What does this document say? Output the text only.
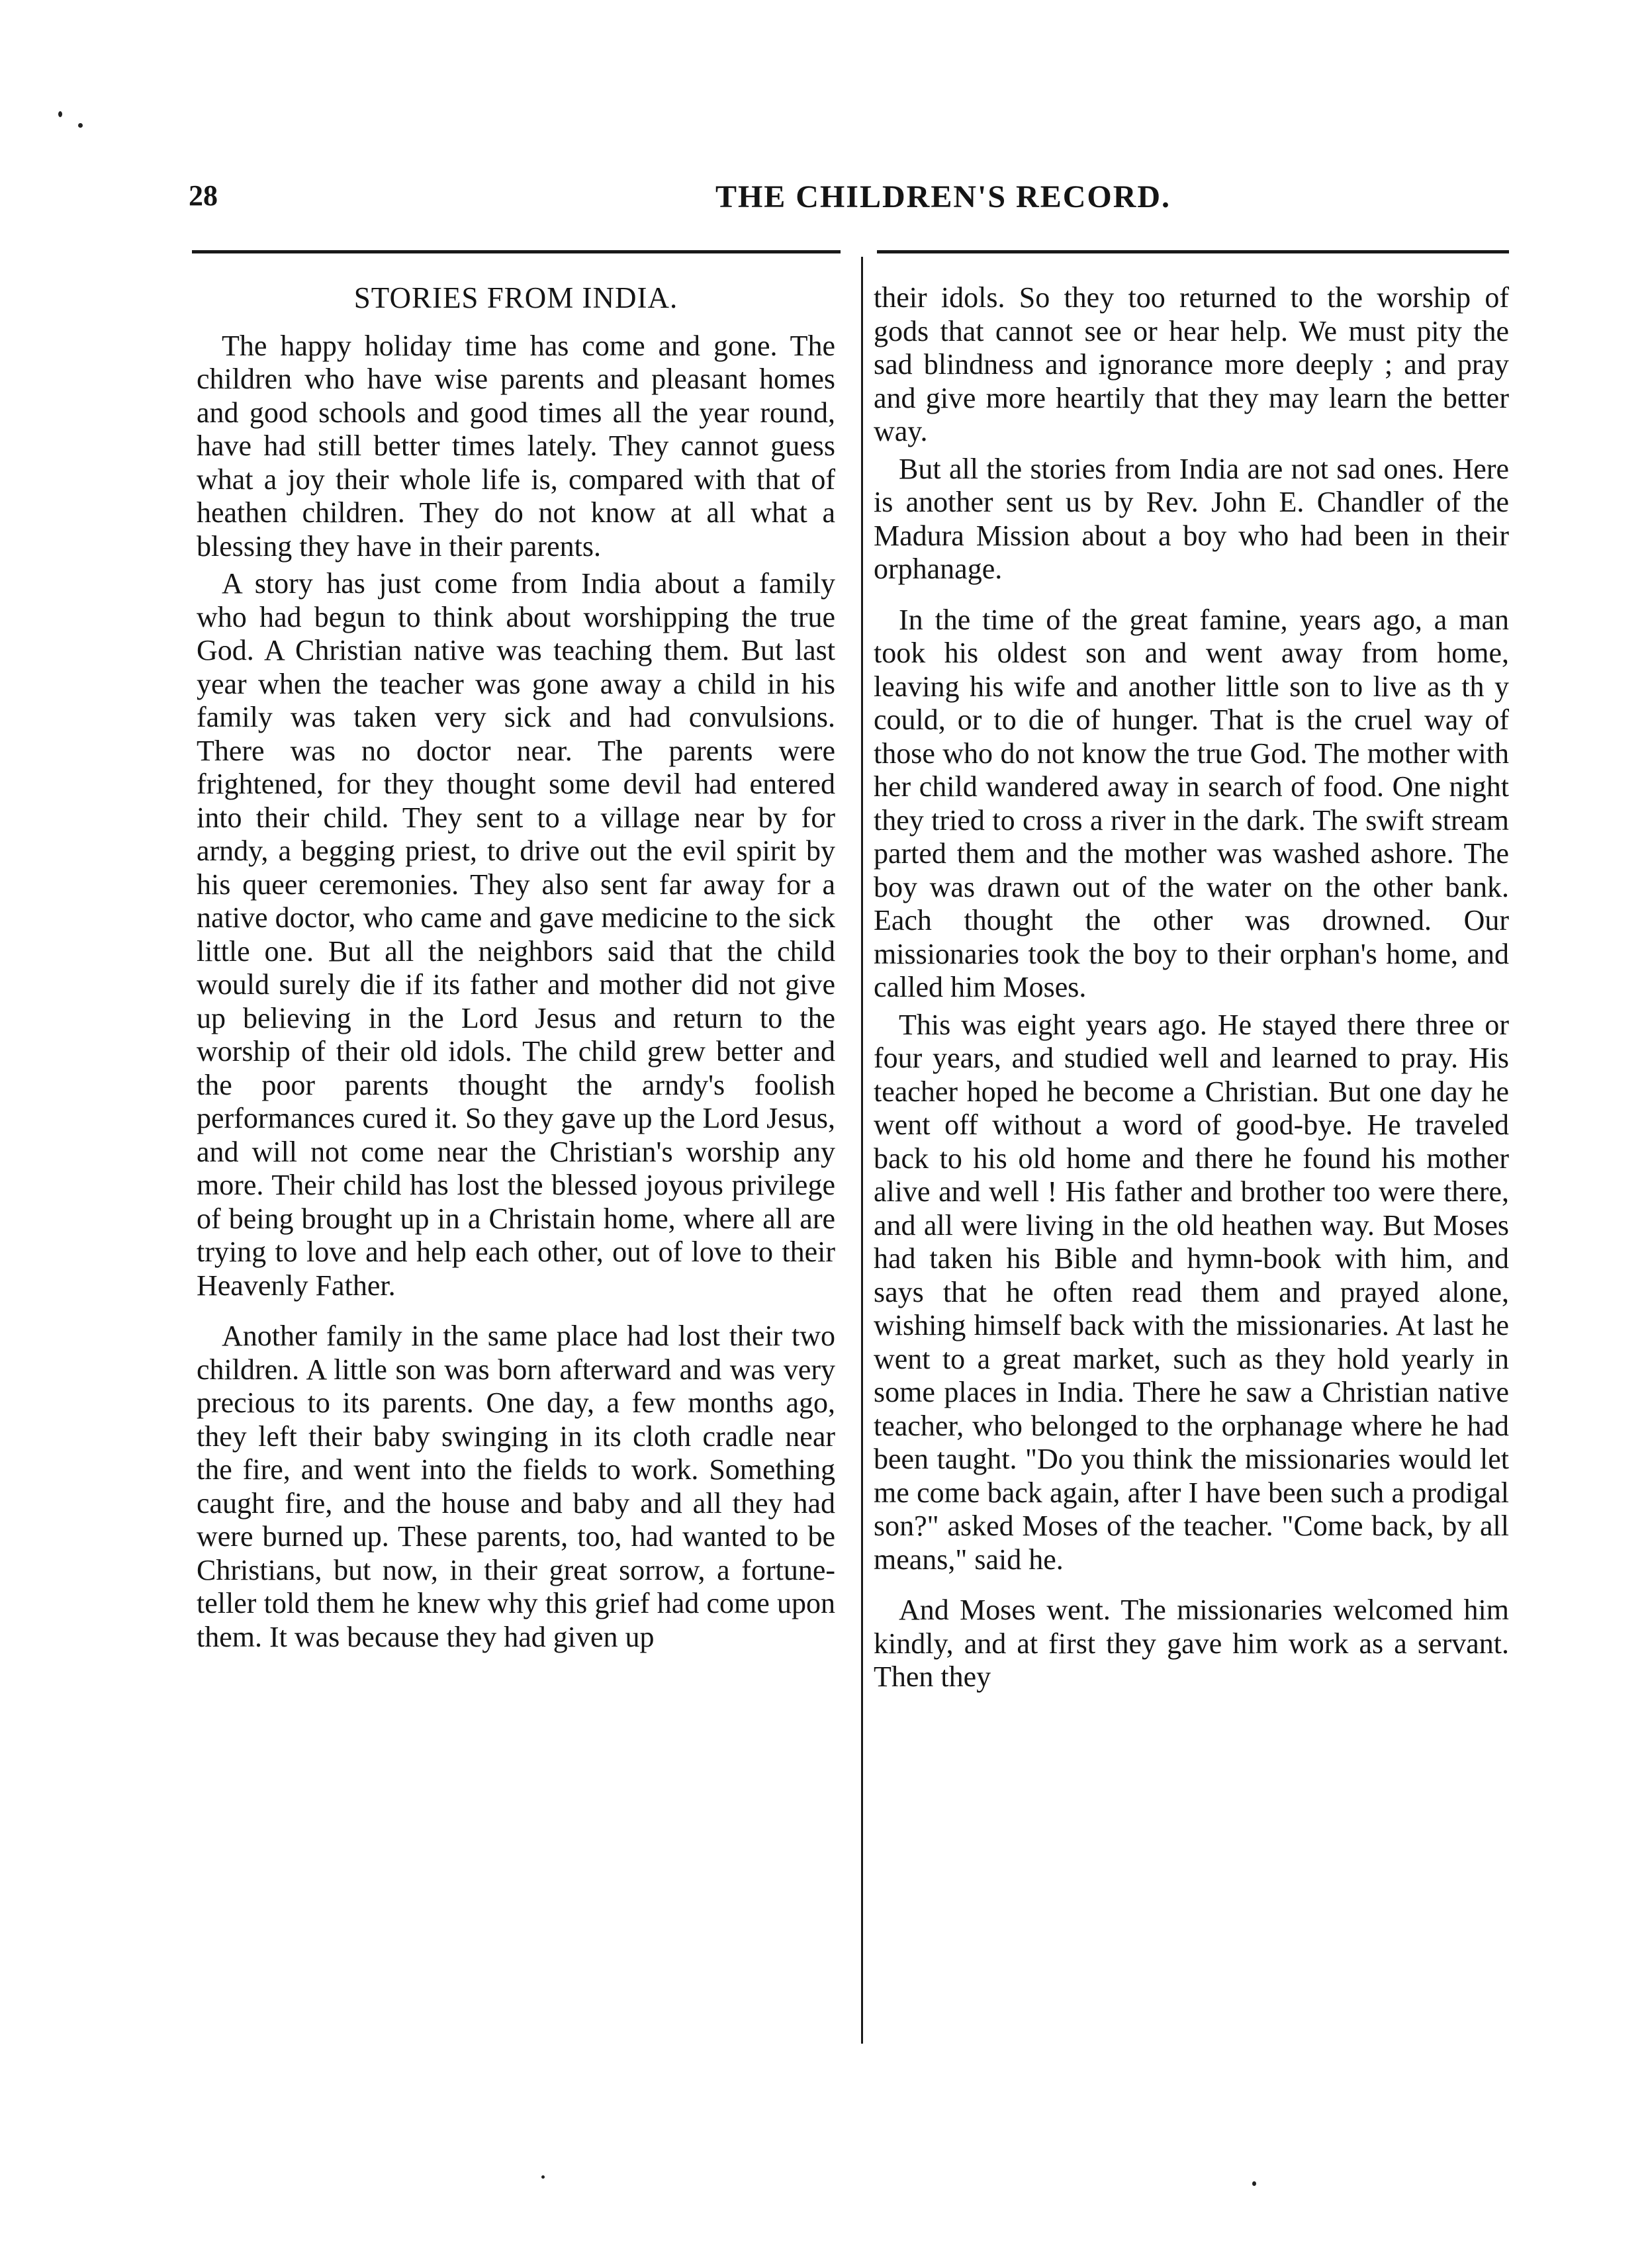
28	THE CHILDREN'S RECORD.
STORIES FROM INDIA.

The happy holiday time has come and gone. The children who have wise parents and pleasant homes and good schools and good times all the year round, have had still better times lately. They cannot guess what a joy their whole life is, compared with that of heathen children. They do not know at all what a blessing they have in their parents.

A story has just come from India about a family who had begun to think about worshipping the true God. A Christian native was teaching them. But last year when the teacher was gone away a child in his family was taken very sick and had convulsions. There was no doctor near. The parents were frightened, for they thought some devil had entered into their child. They sent to a village near by for arndy, a begging priest, to drive out the evil spirit by his queer ceremonies. They also sent far away for a native doctor, who came and gave medicine to the sick little one. But all the neighbors said that the child would surely die if its father and mother did not give up believing in the Lord Jesus and return to the worship of their old idols. The child grew better and the poor parents thought the arndy's foolish performances cured it. So they gave up the Lord Jesus, and will not come near the Christian's worship any more. Their child has lost the blessed joyous privilege of being brought up in a Christain home, where all are trying to love and help each other, out of love to their Heavenly Father.

Another family in the same place had lost their two children. A little son was born afterward and was very precious to its parents. One day, a few months ago, they left their baby swinging in its cloth cradle near the fire, and went into the fields to work. Something caught fire, and the house and baby and all they had were burned up. These parents, too, had wanted to be Christians, but now, in their great sorrow, a fortune-teller told them he knew why this grief had come upon them. It was because they had given up

their idols. So they too returned to the worship of gods that cannot see or hear help. We must pity the sad blindness and ignorance more deeply ; and pray and give more heartily that they may learn the better way.

But all the stories from India are not sad ones. Here is another sent us by Rev. John E. Chandler of the Madura Mission about a boy who had been in their orphanage.

In the time of the great famine, years ago, a man took his oldest son and went away from home, leaving his wife and another little son to live as th y could, or to die of hunger. That is the cruel way of those who do not know the true God. The mother with her child wandered away in search of food. One night they tried to cross a river in the dark. The swift stream parted them and the mother was washed ashore. The boy was drawn out of the water on the other bank. Each thought the other was drowned. Our missionaries took the boy to their orphan's home, and called him Moses.

This was eight years ago. He stayed there three or four years, and studied well and learned to pray. His teacher hoped he become a Christian. But one day he went off without a word of good-bye. He traveled back to his old home and there he found his mother alive and well ! His father and brother too were there, and all were living in the old heathen way. But Moses had taken his Bible and hymn-book with him, and says that he often read them and prayed alone, wishing himself back with the missionaries. At last he went to a great market, such as they hold yearly in some places in India. There he saw a Christian native teacher, who belonged to the orphanage where he had been taught. "Do you think the missionaries would let me come back again, after I have been such a prodigal son?" asked Moses of the teacher. "Come back, by all means," said he.

And Moses went. The missionaries welcomed him kindly, and at first they gave him work as a servant. Then they
